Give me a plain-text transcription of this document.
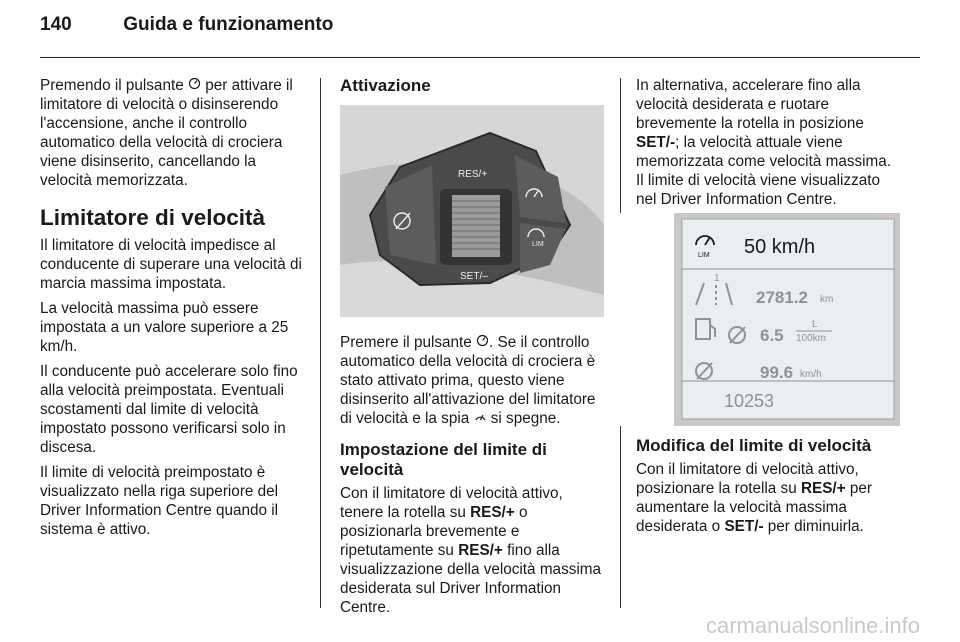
140	Guida e funzionamento

Premendo il pulsante per attivare il limitatore di velocità o disinserendo l'accensione, anche il controllo automatico della velocità di crociera viene disinserito, cancellando la velocità memorizzata.

Limitatore di velocità

Il limitatore di velocità impedisce al conducente di superare una velocità di marcia massima impostata.

La velocità massima può essere impostata a un valore superiore a 25 km/h.

Il conducente può accelerare solo fino alla velocità preimpostata. Eventuali scostamenti dal limite di velocità impostato possono verificarsi solo in discesa.

Il limite di velocità preimpostato è visualizzato nella riga superiore del Driver Information Centre quando il sistema è attivo.

Attivazione
RES/+
SET/–
LIM

Premere il pulsante . Se il controllo automatico della velocità di crociera è stato attivato prima, questo viene disinserito all'attivazione del limitatore di velocità e la spia si spegne.

Impostazione del limite di velocità

Con il limitatore di velocità attivo, tenere la rotella su RES/+ o posizionarla brevemente e ripetutamente su RES/+ fino alla visualizzazione della velocità massima desiderata sul Driver Information Centre.

In alternativa, accelerare fino alla velocità desiderata e ruotare brevemente la rotella in posizione SET/-; la velocità attuale viene memorizzata come velocità massima. Il limite di velocità viene visualizzato nel Driver Information Centre.

LIM 50 km/h
1
2781.2 km
6.5
L
100km
99.6 km/h
10253
Modifica del limite di velocità

Con il limitatore di velocità attivo, posizionare la rotella su RES/+ per aumentare la velocità massima desiderata o SET/- per diminuirla.

carmanualsonline.info
